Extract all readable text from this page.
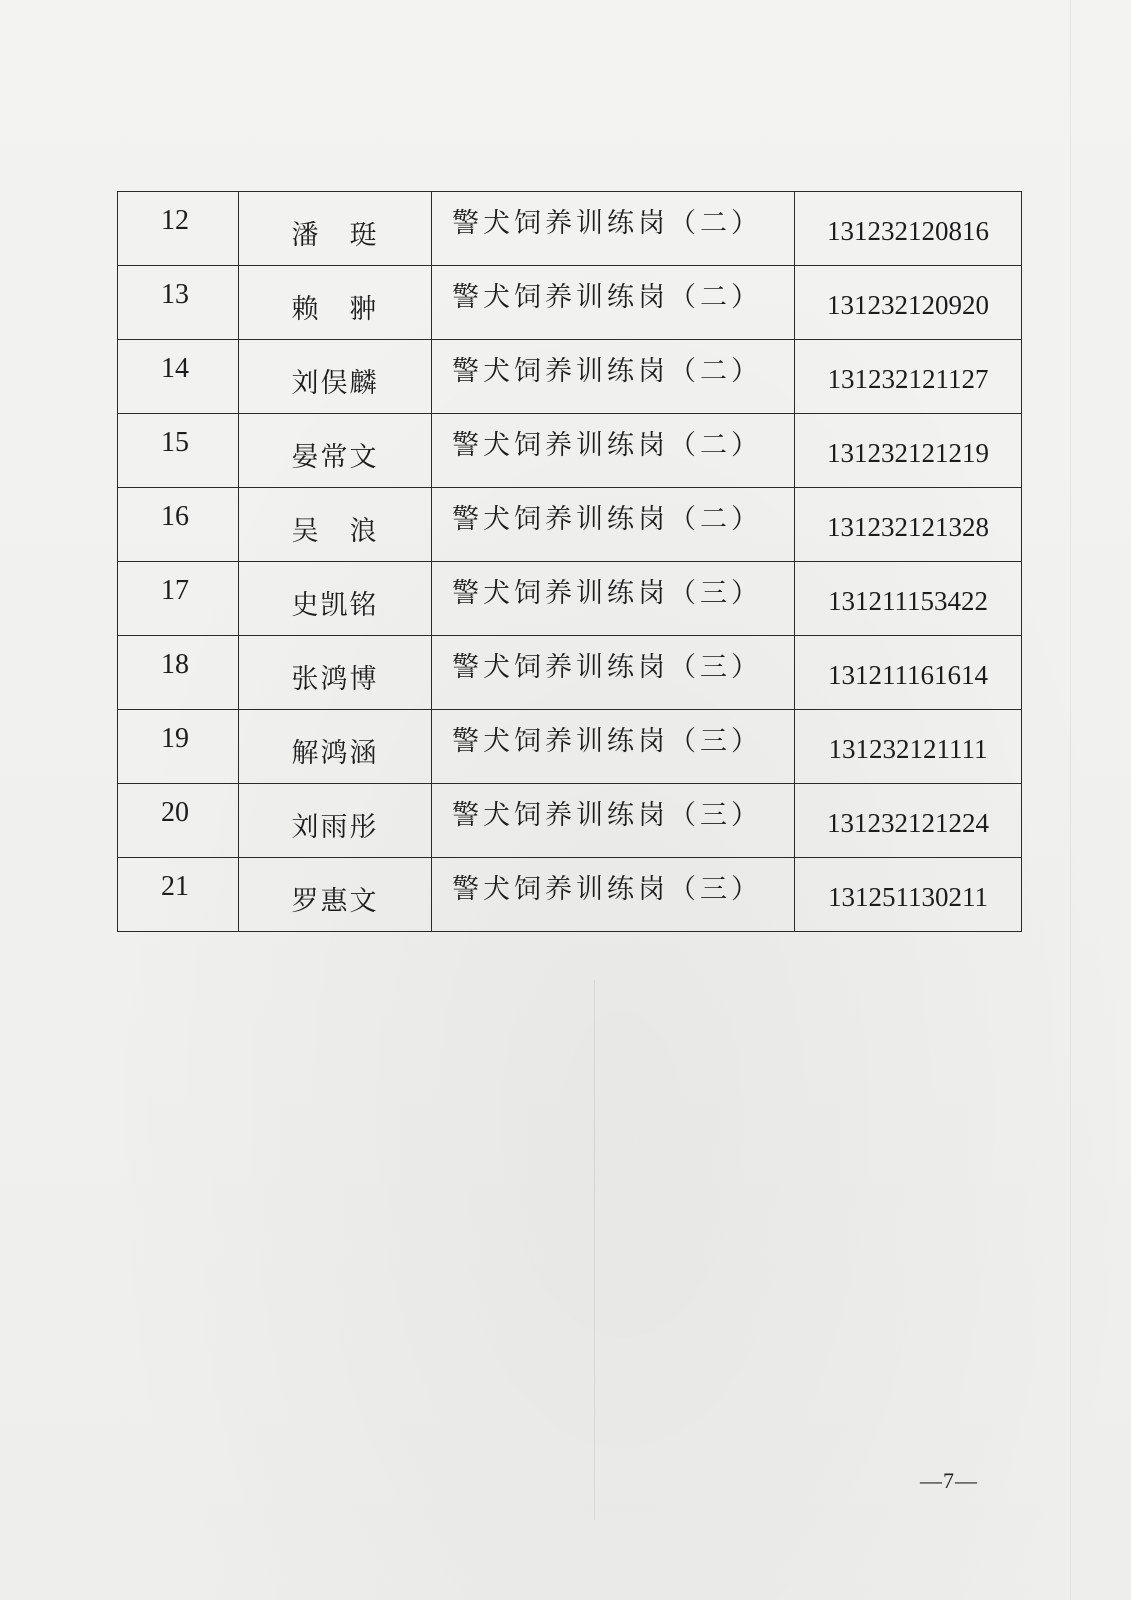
12	潘　珽	警犬饲养训练岗（二）	131232120816
13	赖　翀	警犬饲养训练岗（二）	131232120920
14	刘俣麟	警犬饲养训练岗（二）	131232121127
15	晏常文	警犬饲养训练岗（二）	131232121219
16	吴　浪	警犬饲养训练岗（二）	131232121328
17	史凯铭	警犬饲养训练岗（三）	131211153422
18	张鸿博	警犬饲养训练岗（三）	131211161614
19	解鸿涵	警犬饲养训练岗（三）	131232121111
20	刘雨彤	警犬饲养训练岗（三）	131232121224
21	罗惠文	警犬饲养训练岗（三）	131251130211
—7—
